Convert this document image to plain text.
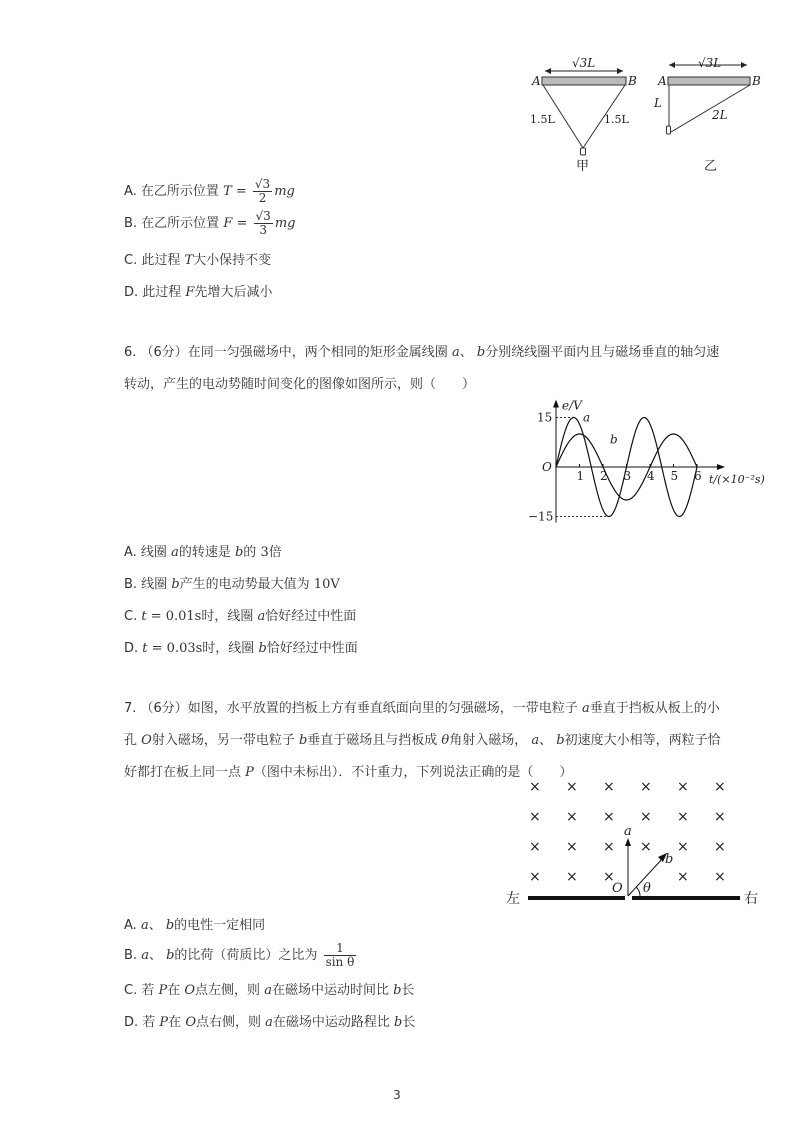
√3L
A	B
1.5L	1.5L
甲
√3L
A	B
L
2L
乙
A. 在乙所示位置 $T = \frac{√3}{2}$ mg
B. 在乙所示位置 $F = \frac{√3}{3}$ mg
C. 此过程 T大小保持不变
D. 此过程 F先增大后减小
6. （6分）在同一匀强磁场中，两个相同的矩形金属线圈 a、 b分别绕线圈平面内且与磁场垂直的轴匀速
转动，产生的电动势随时间变化的图像如图所示，则（　　）
1 2 3 4 5 6
15
−15
O
e/V
t/(×10⁻²s)
a
b
A. 线圈 a的转速是 b的 3倍
B. 线圈 b产生的电动势最大值为 10V
C. t = 0.01s时，线圈 a恰好经过中性面
D. t = 0.03s时，线圈 b恰好经过中性面
7. （6分）如图，水平放置的挡板上方有垂直纸面向里的匀强磁场，一带电粒子 a垂直于挡板从板上的小
孔 O射入磁场，另一带电粒子 b垂直于磁场且与挡板成 θ角射入磁场， a、 b初速度大小相等，两粒子恰
好都打在板上同一点 P（图中未标出）．不计重力，下列说法正确的是（　　）
× × × × × ×
× × × × × ×
× × × × × ×
× × ×	× ×
左	右
a
b
θ
O
A. a、 b的电性一定相同
B. a、 b的比荷（荷质比）之比为 $\frac{1}{\text{sin θ}}$
C. 若 P在 O点左侧，则 a在磁场中运动时间比 b长
D. 若 P在 O点右侧，则 a在磁场中运动路程比 b长
3
